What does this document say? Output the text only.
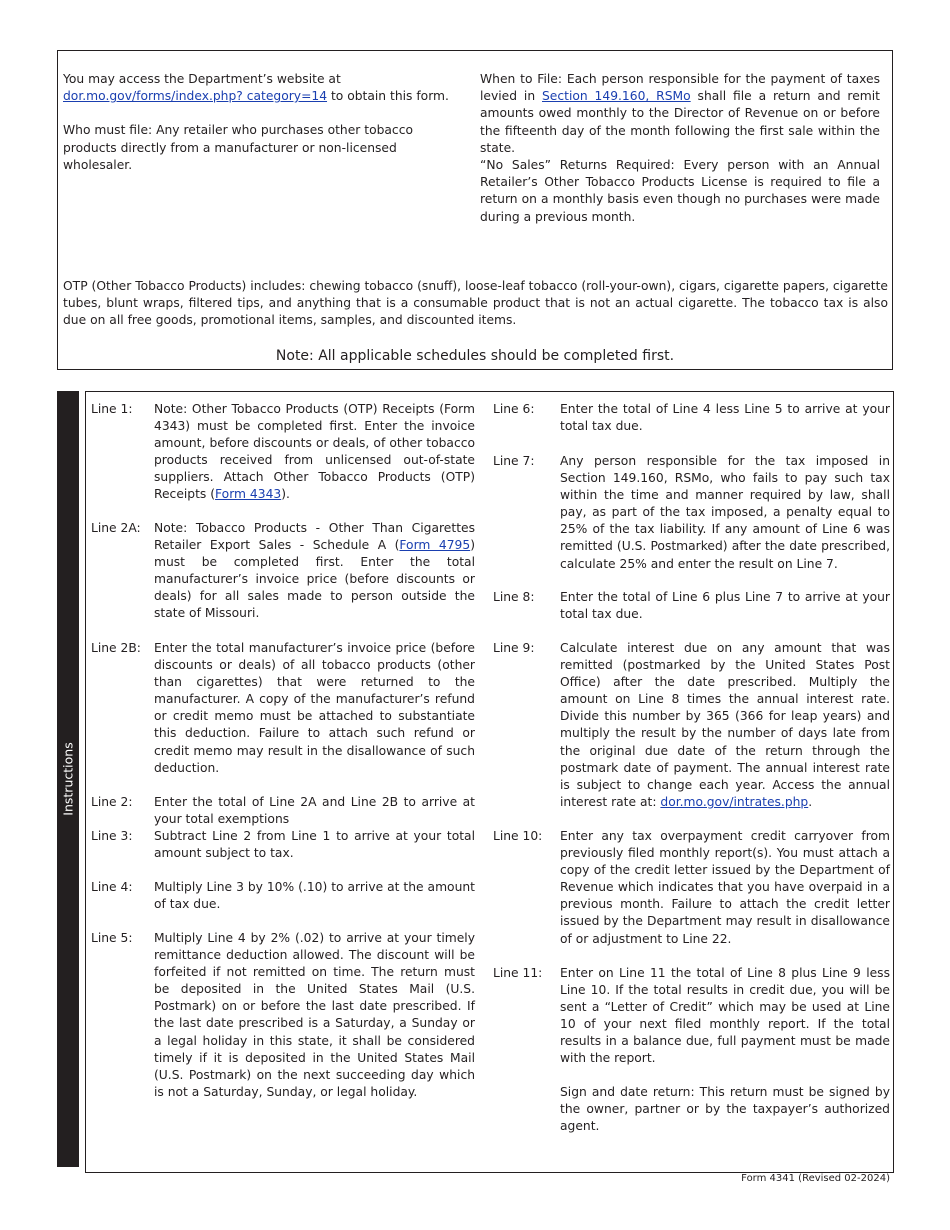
You may access the Department’s website at
dor.mo.gov/forms/index.php? category=14 to obtain this form.

Who must file: Any retailer who purchases other tobacco products directly from a manufacturer or non-licensed wholesaler.

When to File: Each person responsible for the payment of taxes levied in Section 149.160, RSMo shall file a return and remit amounts owed monthly to the Director of Revenue on or before the fifteenth day of the month following the first sale within the state.

“No Sales” Returns Required: Every person with an Annual Retailer’s Other Tobacco Products License is required to file a return on a monthly basis even though no purchases were made during a previous month.

OTP (Other Tobacco Products) includes: chewing tobacco (snuff), loose-leaf tobacco (roll-your-own), cigars, cigarette papers, cigarette tubes, blunt wraps, filtered tips, and anything that is a consumable product that is not an actual cigarette. The tobacco tax is also due on all free goods, promotional items, samples, and discounted items.
Note: All applicable schedules should be completed first.
Instructions
Line 1: Note: Other Tobacco Products (OTP) Receipts (Form 4343) must be completed first. Enter the invoice amount, before discounts or deals, of other tobacco products received from unlicensed out-of-state suppliers. Attach Other Tobacco Products (OTP) Receipts (Form 4343).
Line 2A: Note: Tobacco Products - Other Than Cigarettes Retailer Export Sales - Schedule A (Form 4795) must be completed first. Enter the total manufacturer’s invoice price (before discounts or deals) for all sales made to person outside the state of Missouri.
Line 2B: Enter the total manufacturer’s invoice price (before discounts or deals) of all tobacco products (other than cigarettes) that were returned to the manufacturer. A copy of the manufacturer’s refund or credit memo must be attached to substantiate this deduction. Failure to attach such refund or credit memo may result in the disallowance of such deduction.
Line 2: Enter the total of Line 2A and Line 2B to arrive at your total exemptions
Line 3: Subtract Line 2 from Line 1 to arrive at your total amount subject to tax.
Line 4: Multiply Line 3 by 10% (.10) to arrive at the amount of tax due.
Line 5: Multiply Line 4 by 2% (.02) to arrive at your timely remittance deduction allowed. The discount will be forfeited if not remitted on time. The return must be deposited in the United States Mail (U.S. Postmark) on or before the last date prescribed. If the last date prescribed is a Saturday, a Sunday or a legal holiday in this state, it shall be considered timely if it is deposited in the United States Mail (U.S. Postmark) on the next succeeding day which is not a Saturday, Sunday, or legal holiday.
Line 6: Enter the total of Line 4 less Line 5 to arrive at your total tax due.
Line 7: Any person responsible for the tax imposed in Section 149.160, RSMo, who fails to pay such tax within the time and manner required by law, shall pay, as part of the tax imposed, a penalty equal to 25% of the tax liability. If any amount of Line 6 was remitted (U.S. Postmarked) after the date prescribed, calculate 25% and enter the result on Line 7.
Line 8: Enter the total of Line 6 plus Line 7 to arrive at your total tax due.
Line 9: Calculate interest due on any amount that was remitted (postmarked by the United States Post Office) after the date prescribed. Multiply the amount on Line 8 times the annual interest rate. Divide this number by 365 (366 for leap years) and multiply the result by the number of days late from the original due date of the return through the postmark date of payment. The annual interest rate is subject to change each year. Access the annual interest rate at: dor.mo.gov/intrates.php.
Line 10: Enter any tax overpayment credit carryover from previously filed monthly report(s). You must attach a copy of the credit letter issued by the Department of Revenue which indicates that you have overpaid in a previous month. Failure to attach the credit letter issued by the Department may result in disallowance of or adjustment to Line 22.
Line 11: Enter on Line 11 the total of Line 8 plus Line 9 less Line 10. If the total results in credit due, you will be sent a “Letter of Credit” which may be used at Line 10 of your next filed monthly report. If the total results in a balance due, full payment must be made with the report.
Sign and date return: This return must be signed by the owner, partner or by the taxpayer’s authorized agent.
Form 4341 (Revised 02-2024)
